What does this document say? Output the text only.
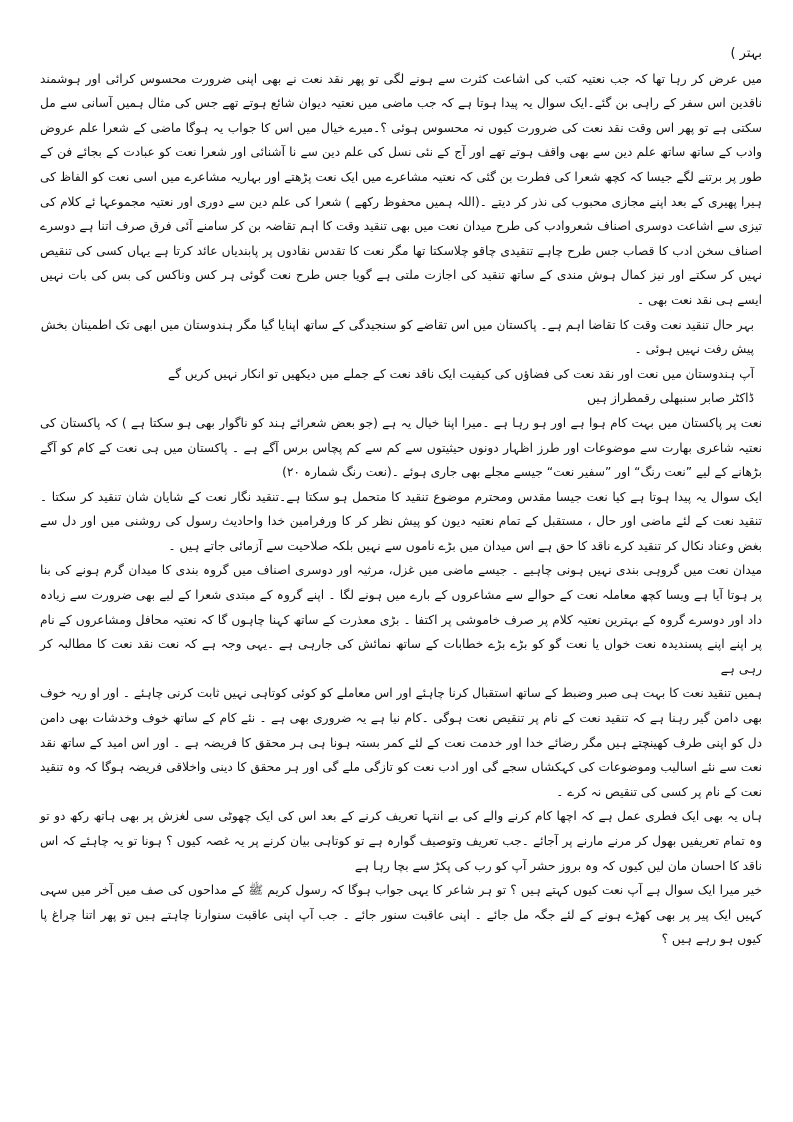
بہتر )

میں عرض کر رہا تھا کہ جب نعتیہ کتب کی اشاعت کثرت سے ہونے لگی تو پھر نقد نعت نے بھی اپنی ضرورت محسوس کرائی اور ہوشمند ناقدین اس سفر کے راہی بن گئے۔ایک سوال یہ پیدا ہوتا ہے کہ جب ماضی میں نعتیہ دیوان شائع ہوتے تھے جس کی مثال ہمیں آسانی سے مل سکتی ہے تو پھر اس وقت نقد نعت کی ضرورت کیوں نہ محسوس ہوئی ؟۔میرے خیال میں اس کا جواب یہ ہوگا ماضی کے شعرا علم عروض وادب کے ساتھ ساتھ علم دین سے بھی واقف ہوتے تھے اور آج کے نئی نسل کی علم دین سے نا آشنائی اور شعرا نعت کو عبادت کے بجائے فن کے طور پر برتنے لگے جیسا کہ کچھ شعرا کی فطرت بن گئی کہ نعتیہ مشاعرے میں ایک نعت پڑھتے اور بہاریہ مشاعرے میں اسی نعت کو الفاظ کی ہیرا پھیری کے بعد اپنے مجازی محبوب کی نذر کر دیتے ۔(اللہ ہمیں محفوظ رکھے ) شعرا کی علم دین سے دوری اور نعتیہ مجموعہا ئے کلام کی تیزی سے اشاعت دوسری اصناف شعروادب کی طرح میدان نعت میں بھی تنقید وقت کا اہم تقاضہ بن کر سامنے آئی فرق صرف اتنا ہے دوسرے اصناف سخن ادب کا قصاب جس طرح چاہے تنقیدی چاقو چلاسکتا تھا مگر نعت کا تقدس نقادوں پر پابندیاں عائد کرتا ہے یہاں کسی کی تنقیص نہیں کر سکتے اور نیز کمال ہوش مندی کے ساتھ تنقید کی اجازت ملتی ہے گویا جس طرح نعت گوئی ہر کس وناکس کی بس کی بات نہیں ایسے ہی نقد نعت بھی ۔

بہر حال تنقید نعت وقت کا تقاضا اہم ہے۔ پاکستان میں اس تقاضے کو سنجیدگی کے ساتھ اپنایا گیا مگر ہندوستان میں ابھی تک اطمینان بخش پیش رفت نہیں ہوئی ۔

آپ ہندوستان میں نعت اور نقد نعت کی فضاؤں کی کیفیت ایک ناقد نعت کے جملے میں دیکھیں تو انکار نہیں کریں گے

ڈاکٹر صابر سنبھلی رقمطراز ہیں

نعت پر پاکستان میں بہت کام ہوا ہے اور ہو رہا ہے ۔میرا اپنا خیال یہ ہے (جو بعض شعرائے ہند کو ناگوار بھی ہو سکتا ہے ) کہ پاکستان کی نعتیہ شاعری بھارت سے موضوعات اور طرز اظہار دونوں حیثیتوں سے کم سے کم پچاس برس آگے ہے ۔ پاکستان میں ہی نعت کے کام کو آگے بڑھانے کے لیے ”نعت رنگ“ اور ”سفیر نعت“ جیسے مجلے بھی جاری ہوئے ۔(نعت رنگ شمارہ ۲۰)

ایک سوال یہ پیدا ہوتا ہے کیا نعت جیسا مقدس ومحترم موضوع تنقید کا متحمل ہو سکتا ہے۔تنقید نگار نعت کے شایان شان تنقید کر سکتا ۔تنقید نعت کے لئے ماضی اور حال ، مستقبل کے تمام نعتیہ دیون کو پیش نظر کر کا ورفرامین خدا واحادیث رسول کی روشنی میں اور دل سے بغض وعناد نکال کر تنقید کرے ناقد کا حق ہے اس میدان میں بڑے ناموں سے نہیں بلکہ صلاحیت سے آزمائی جاتے ہیں ۔

میدان نعت میں گروہی بندی نہیں ہونی چاہیے ۔ جیسے ماضی میں غزل، مرثیہ اور دوسری اصناف میں گروہ بندی کا میدان گرم ہونے کی بنا پر ہوتا آیا ہے ویسا کچھ معاملہ نعت کے حوالے سے مشاعروں کے بارے میں ہونے لگا ۔ اپنے گروہ کے مبتدی شعرا کے لیے بھی ضرورت سے زیادہ داد اور دوسرے گروہ کے بہترین نعتیہ کلام پر صرف خاموشی پر اکتفا ۔ بڑی معذرت کے ساتھ کہنا چاہوں گا کہ نعتیہ محافل ومشاعروں کے نام پر اپنے اپنے پسندیدہ نعت خواں یا نعت گو کو بڑے بڑے خطابات کے ساتھ نمائش کی جارہی ہے ۔یہی وجہ ہے کہ نعت نقد نعت کا مطالبہ کر رہی ہے

ہمیں تنقید نعت کا بہت ہی صبر وضبط کے ساتھ استقبال کرنا چاہئے اور اس معاملے کو کوئی کوتاہی نہیں ثابت کرنی چاہئے ۔ اور او ریہ خوف بھی دامن گیر رہنا ہے کہ تنقید نعت کے نام پر تنقیص نعت ہوگی ۔کام نیا ہے یہ ضروری بھی ہے ۔ نئے کام کے ساتھ خوف وخدشات بھی دامن دل کو اپنی طرف کھینچتے ہیں مگر رضائے خدا اور خدمت نعت کے لئے کمر بستہ ہونا ہی ہر محقق کا فریضہ ہے ۔ اور اس امید کے ساتھ نقد نعت سے نئے اسالیب وموضوعات کی کہکشاں سجے گی اور ادب نعت کو تازگی ملے گی اور ہر محقق کا دینی واخلاقی فریضہ ہوگا کہ وہ تنقید نعت کے نام پر کسی کی تنقیص نہ کرے ۔

ہاں یہ بھی ایک فطری عمل ہے کہ اچھا کام کرنے والے کی بے انتہا تعریف کرنے کے بعد اس کی ایک چھوٹی سی لغزش پر بھی ہاتھ رکھ دو تو وہ تمام تعریفیں بھول کر مرنے مارنے پر آجائے ۔جب تعریف وتوصیف گوارہ ہے تو کوتاہی بیان کرنے پر یہ غصہ کیوں ؟ ہونا تو یہ چاہئے کہ اس ناقد کا احسان مان لیں کیوں کہ وہ بروز حشر آپ کو رب کی پکڑ سے بچا رہا ہے

خیر میرا ایک سوال ہے آپ نعت کیوں کہتے ہیں ؟ تو ہر شاعر کا یہی جواب ہوگا کہ رسول کریم ﷺ کے مداحوں کی صف میں آخر میں سہی کہیں ایک پیر پر بھی کھڑے ہونے کے لئے جگہ مل جائے ۔ اپنی عاقبت سنور جائے ۔ جب آپ اپنی عاقبت سنوارنا چاہتے ہیں تو پھر اتنا چراغ پا کیوں ہو رہے ہیں ؟
